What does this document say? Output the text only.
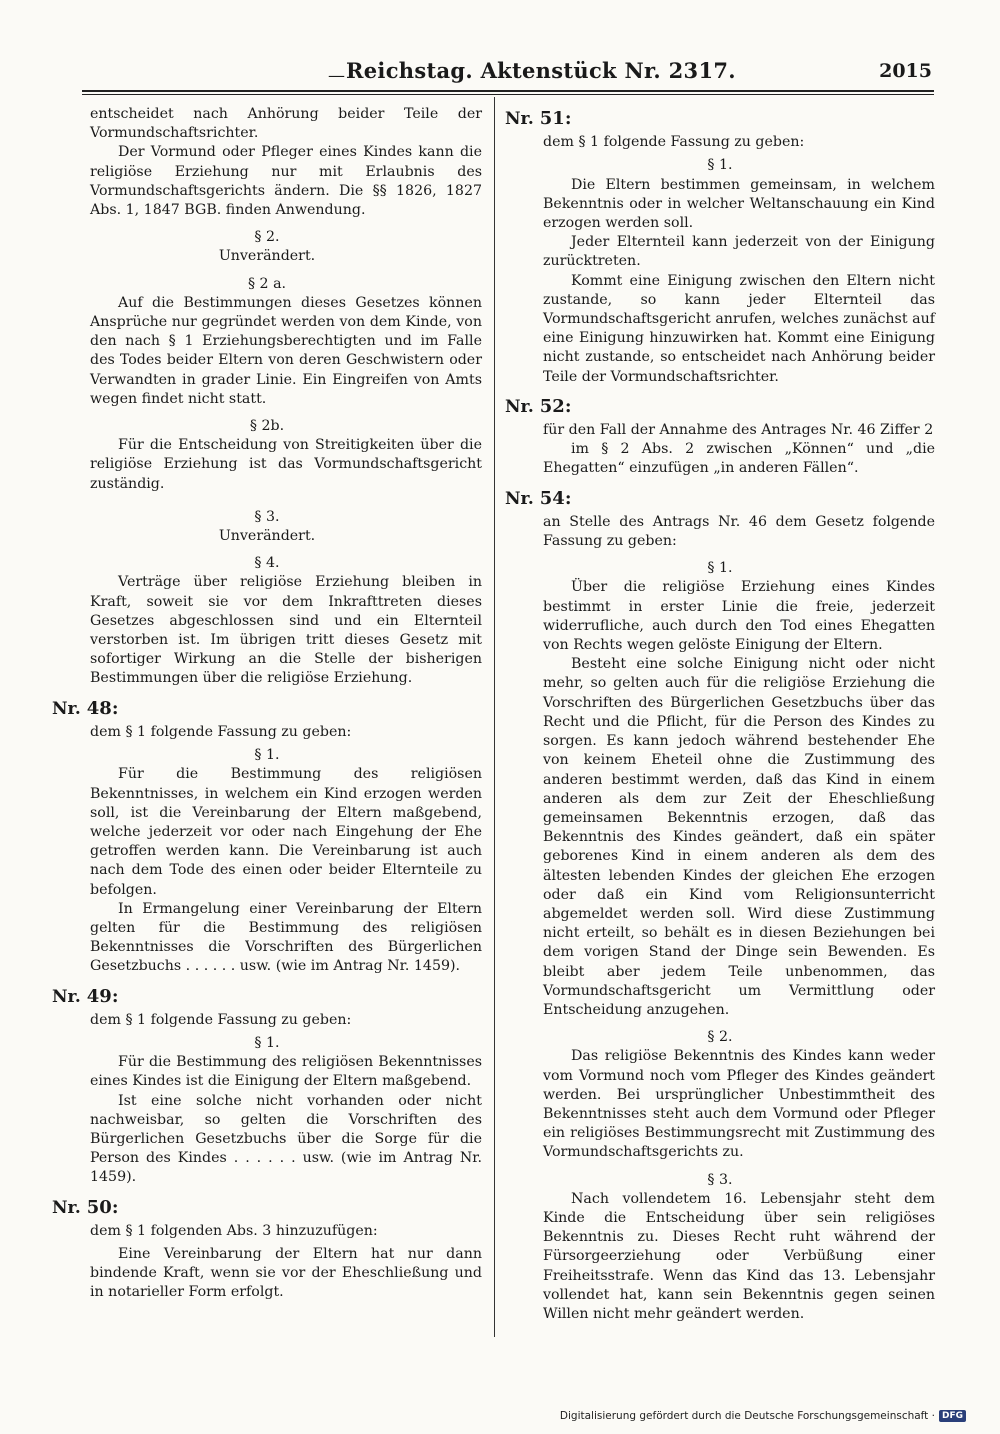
— Reichstag. Aktenstück Nr. 2317.	2015

entscheidet nach Anhörung beider Teile der Vormundschaftsrichter.

Der Vormund oder Pfleger eines Kindes kann die religiöse Erziehung nur mit Erlaubnis des Vormundschaftsgerichts ändern. Die §§ 1826, 1827 Abs. 1, 1847 BGB. finden Anwendung.

§ 2.

Unverändert.

§ 2 a.

Auf die Bestimmungen dieses Gesetzes können Ansprüche nur gegründet werden von dem Kinde, von den nach § 1 Erziehungsberechtigten und im Falle des Todes beider Eltern von deren Geschwistern oder Verwandten in grader Linie. Ein Eingreifen von Amts wegen findet nicht statt.

§ 2b.

Für die Entscheidung von Streitigkeiten über die religiöse Erziehung ist das Vormundschaftsgericht zuständig.

§ 3.

Unverändert.

§ 4.

Verträge über religiöse Erziehung bleiben in Kraft, soweit sie vor dem Inkrafttreten dieses Gesetzes abgeschlossen sind und ein Elternteil verstorben ist. Im übrigen tritt dieses Gesetz mit sofortiger Wirkung an die Stelle der bisherigen Bestimmungen über die religiöse Erziehung.

Nr. 48:

dem § 1 folgende Fassung zu geben:

§ 1.

Für die Bestimmung des religiösen Bekenntnisses, in welchem ein Kind erzogen werden soll, ist die Vereinbarung der Eltern maßgebend, welche jederzeit vor oder nach Eingehung der Ehe getroffen werden kann. Die Vereinbarung ist auch nach dem Tode des einen oder beider Elternteile zu befolgen.

In Ermangelung einer Vereinbarung der Eltern gelten für die Bestimmung des religiösen Bekenntnisses die Vorschriften des Bürgerlichen Gesetzbuchs . . . . . . usw. (wie im Antrag Nr. 1459).

Nr. 49:

dem § 1 folgende Fassung zu geben:

§ 1.

Für die Bestimmung des religiösen Bekenntnisses eines Kindes ist die Einigung der Eltern maßgebend.

Ist eine solche nicht vorhanden oder nicht nachweisbar, so gelten die Vorschriften des Bürgerlichen Gesetzbuchs über die Sorge für die Person des Kindes . . . . . . usw. (wie im Antrag Nr. 1459).

Nr. 50:

dem § 1 folgenden Abs. 3 hinzuzufügen:

Eine Vereinbarung der Eltern hat nur dann bindende Kraft, wenn sie vor der Eheschließung und in notarieller Form erfolgt.

Nr. 51:

dem § 1 folgende Fassung zu geben:

§ 1.

Die Eltern bestimmen gemeinsam, in welchem Bekenntnis oder in welcher Weltanschauung ein Kind erzogen werden soll.

Jeder Elternteil kann jederzeit von der Einigung zurücktreten.

Kommt eine Einigung zwischen den Eltern nicht zustande, so kann jeder Elternteil das Vormundschaftsgericht anrufen, welches zunächst auf eine Einigung hinzuwirken hat. Kommt eine Einigung nicht zustande, so entscheidet nach Anhörung beider Teile der Vormundschaftsrichter.

Nr. 52:

für den Fall der Annahme des Antrages Nr. 46 Ziffer 2

im § 2 Abs. 2 zwischen „Können“ und „die Ehegatten“ einzufügen „in anderen Fällen“.

Nr. 54:

an Stelle des Antrags Nr. 46 dem Gesetz folgende Fassung zu geben:

§ 1.

Über die religiöse Erziehung eines Kindes bestimmt in erster Linie die freie, jederzeit widerrufliche, auch durch den Tod eines Ehegatten von Rechts wegen gelöste Einigung der Eltern.

Besteht eine solche Einigung nicht oder nicht mehr, so gelten auch für die religiöse Erziehung die Vorschriften des Bürgerlichen Gesetzbuchs über das Recht und die Pflicht, für die Person des Kindes zu sorgen. Es kann jedoch während bestehender Ehe von keinem Eheteil ohne die Zustimmung des anderen bestimmt werden, daß das Kind in einem anderen als dem zur Zeit der Eheschließung gemeinsamen Bekenntnis erzogen, daß das Bekenntnis des Kindes geändert, daß ein später geborenes Kind in einem anderen als dem des ältesten lebenden Kindes der gleichen Ehe erzogen oder daß ein Kind vom Religionsunterricht abgemeldet werden soll. Wird diese Zustimmung nicht erteilt, so behält es in diesen Beziehungen bei dem vorigen Stand der Dinge sein Bewenden. Es bleibt aber jedem Teile unbenommen, das Vormundschaftsgericht um Vermittlung oder Entscheidung anzugehen.

§ 2.

Das religiöse Bekenntnis des Kindes kann weder vom Vormund noch vom Pfleger des Kindes geändert werden. Bei ursprünglicher Unbestimmtheit des Bekenntnisses steht auch dem Vormund oder Pfleger ein religiöses Bestimmungsrecht mit Zustimmung des Vormundschaftsgerichts zu.

§ 3.

Nach vollendetem 16. Lebensjahr steht dem Kinde die Entscheidung über sein religiöses Bekenntnis zu. Dieses Recht ruht während der Fürsorgeerziehung oder Verbüßung einer Freiheitsstrafe. Wenn das Kind das 13. Lebensjahr vollendet hat, kann sein Bekenntnis gegen seinen Willen nicht mehr geändert werden.

Digitalisierung gefördert durch die Deutsche Forschungsgemeinschaft · DFG
